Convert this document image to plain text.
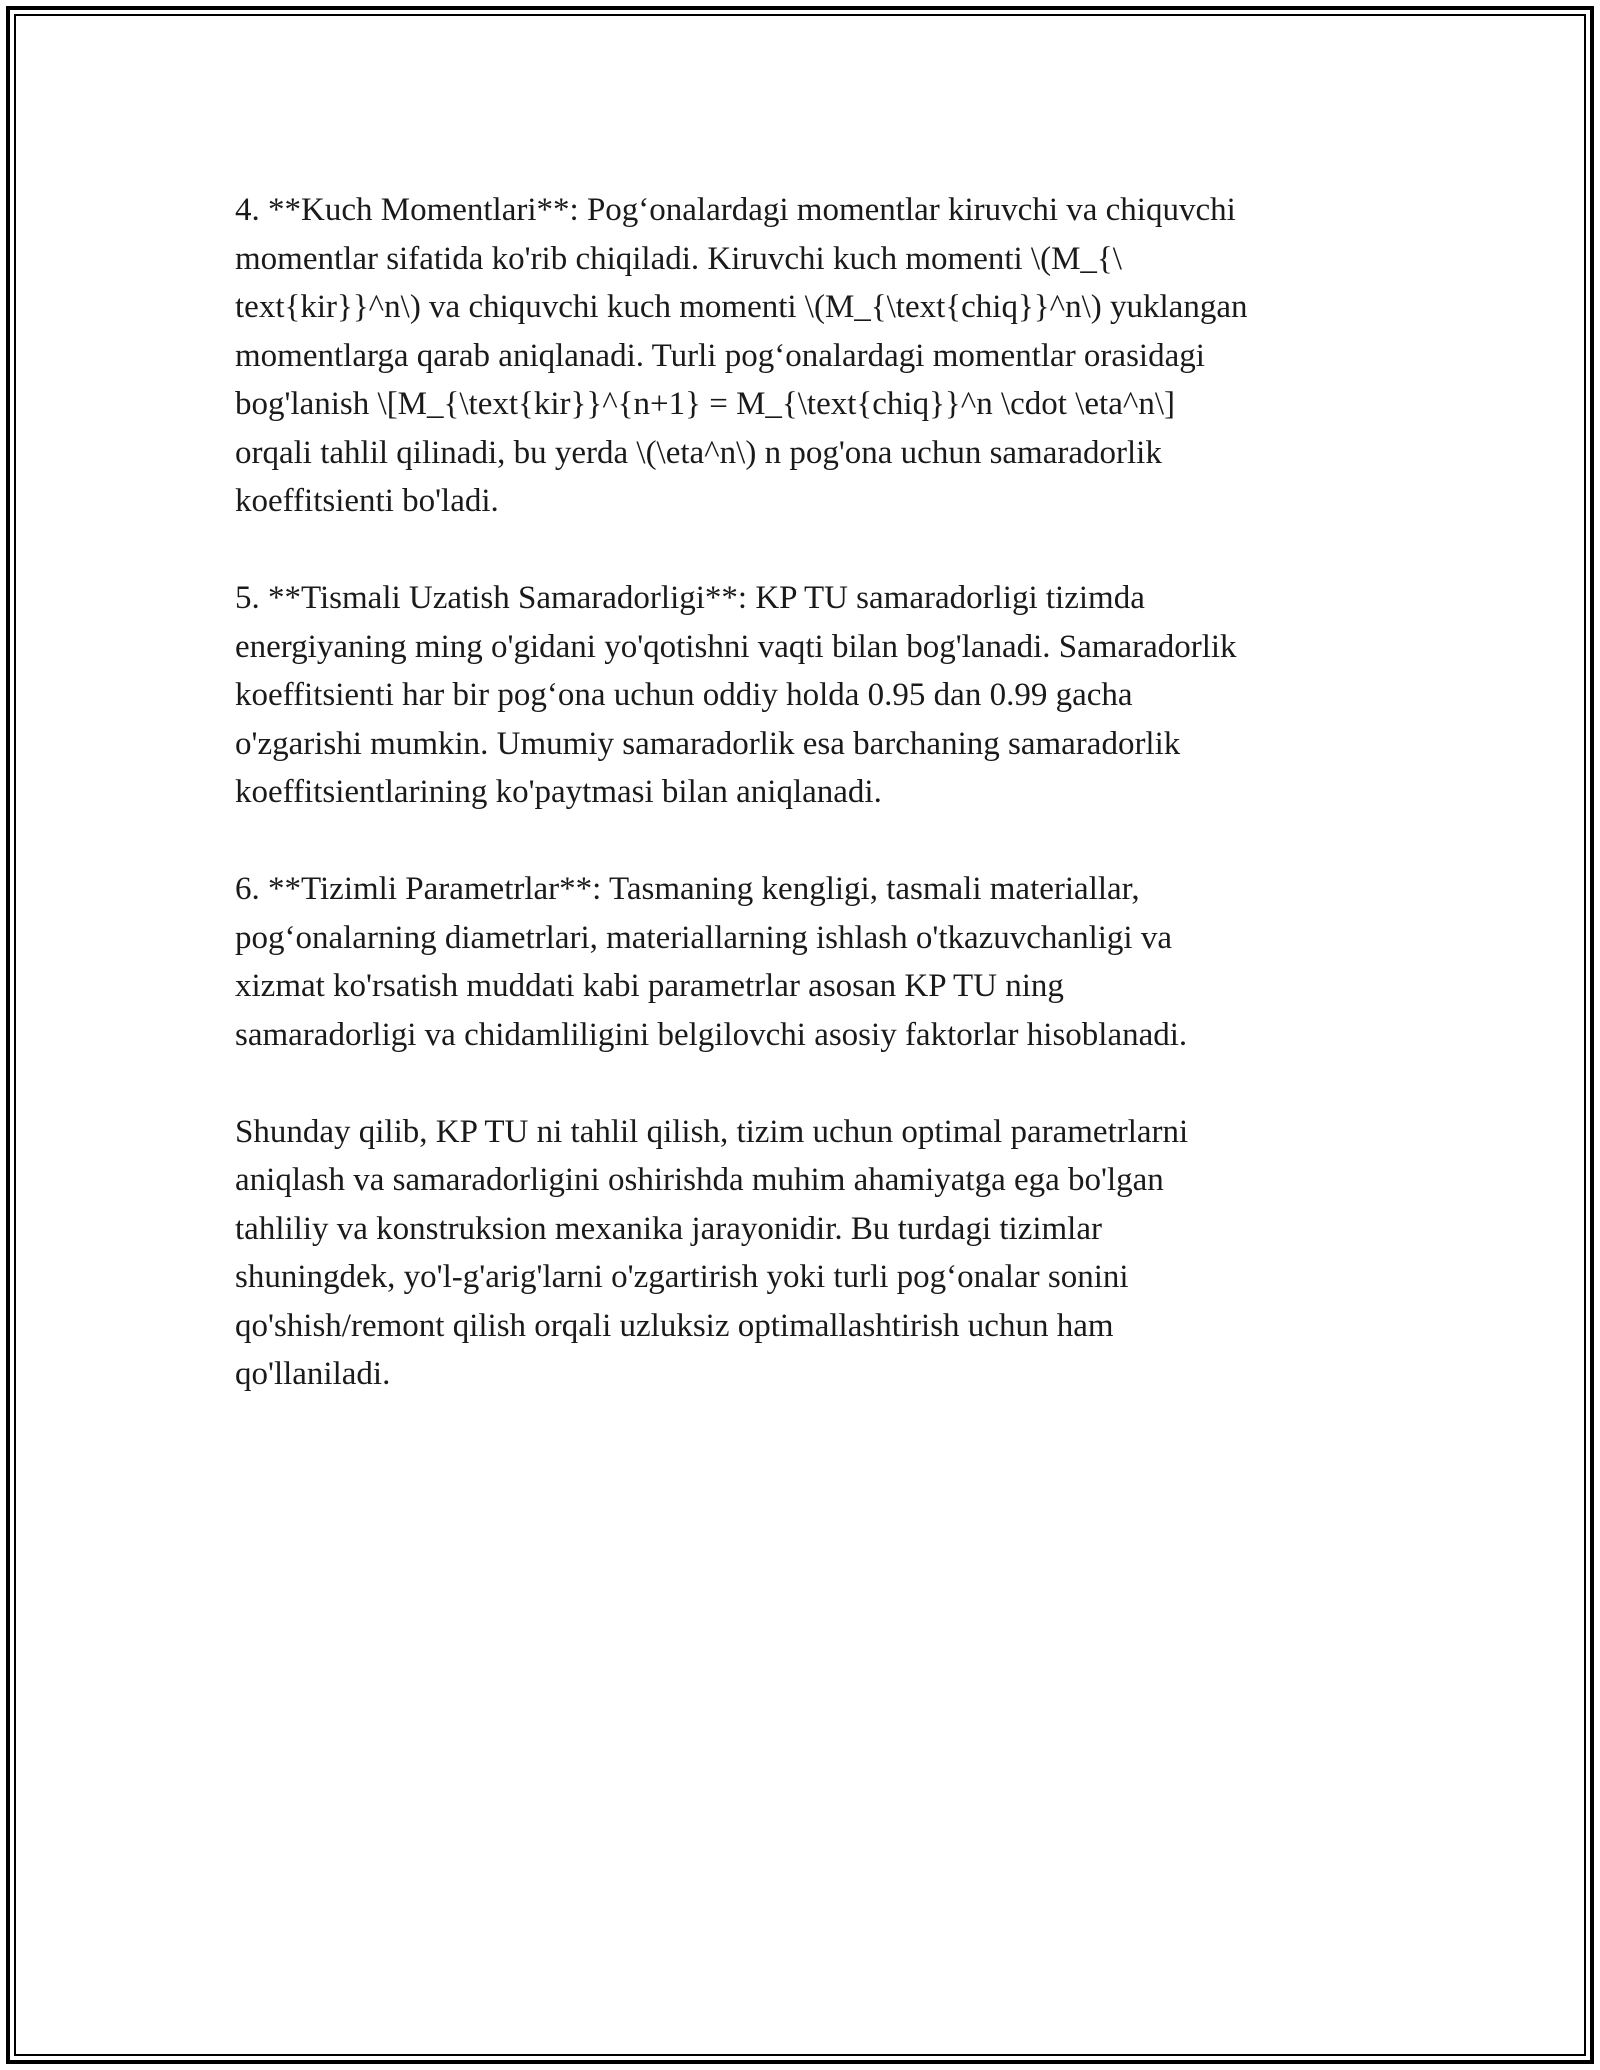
4. **Kuch Momentlari**: Pog‘onalardagi momentlar kiruvchi va chiquvchi
momentlar sifatida ko'rib chiqiladi. Kiruvchi kuch momenti \(M_{\
text{kir}}^n\) va chiquvchi kuch momenti \(M_{\text{chiq}}^n\) yuklangan
momentlarga qarab aniqlanadi. Turli pog‘onalardagi momentlar orasidagi
bog'lanish \[M_{\text{kir}}^{n+1} = M_{\text{chiq}}^n \cdot \eta^n\]
orqali tahlil qilinadi, bu yerda \(\eta^n\) n pog'ona uchun samaradorlik
koeffitsienti bo'ladi.

5. **Tismali Uzatish Samaradorligi**: KP TU samaradorligi tizimda
energiyaning ming o'gidani yo'qotishni vaqti bilan bog'lanadi. Samaradorlik
koeffitsienti har bir pog‘ona uchun oddiy holda 0.95 dan 0.99 gacha
o'zgarishi mumkin. Umumiy samaradorlik esa barchaning samaradorlik
koeffitsientlarining ko'paytmasi bilan aniqlanadi.

6. **Tizimli Parametrlar**: Tasmaning kengligi, tasmali materiallar,
pog‘onalarning diametrlari, materiallarning ishlash o'tkazuvchanligi va
xizmat ko'rsatish muddati kabi parametrlar asosan KP TU ning
samaradorligi va chidamliligini belgilovchi asosiy faktorlar hisoblanadi.

Shunday qilib, KP TU ni tahlil qilish, tizim uchun optimal parametrlarni
aniqlash va samaradorligini oshirishda muhim ahamiyatga ega bo'lgan
tahliliy va konstruksion mexanika jarayonidir. Bu turdagi tizimlar
shuningdek, yo'l-g'arig'larni o'zgartirish yoki turli pog‘onalar sonini
qo'shish/remont qilish orqali uzluksiz optimallashtirish uchun ham
qo'llaniladi.
